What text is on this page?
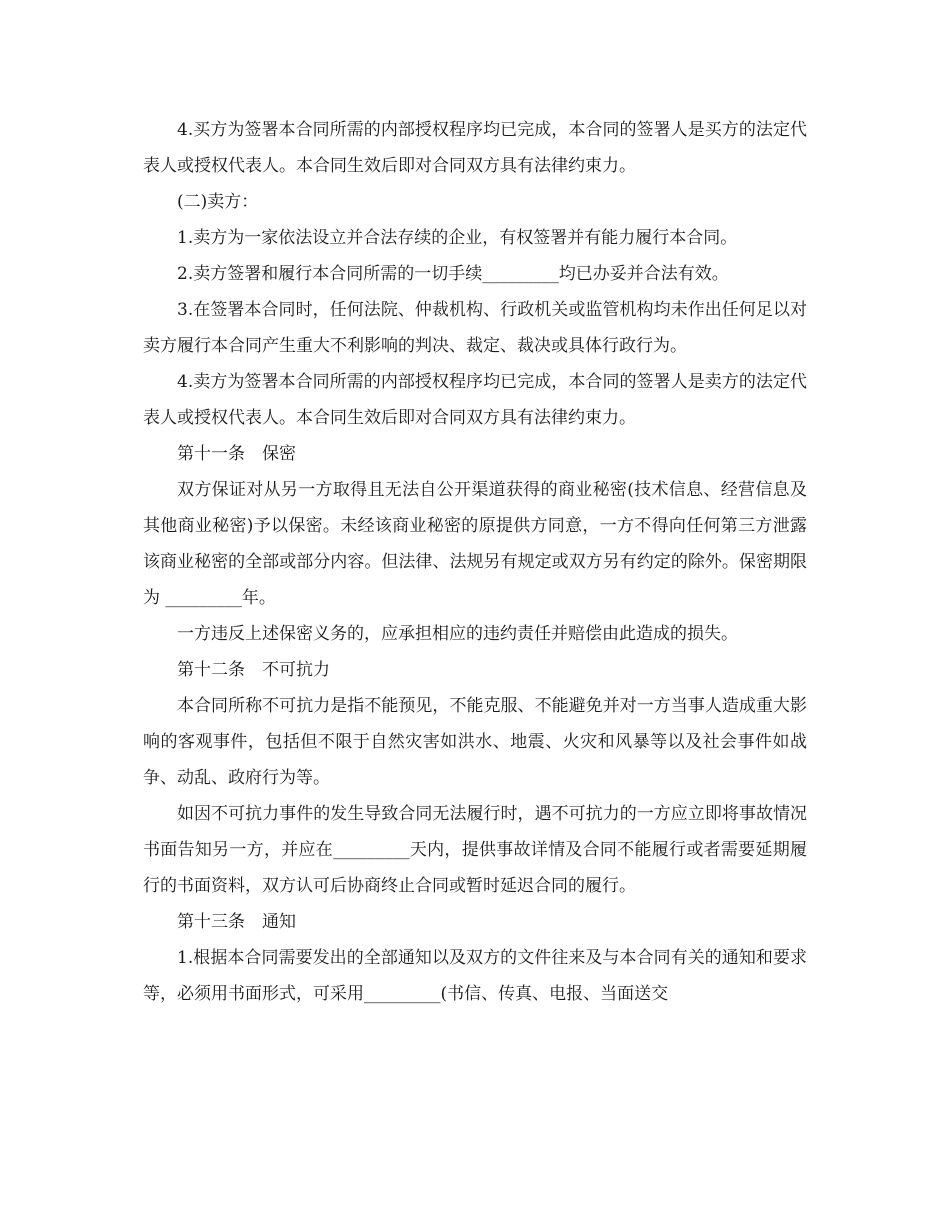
4.买方为签署本合同所需的内部授权程序均已完成，本合同的签署人是买方的法定代表人或授权代表人。本合同生效后即对合同双方具有法律约束力。

(二)卖方：

1.卖方为一家依法设立并合法存续的企业，有权签署并有能力履行本合同。

2.卖方签署和履行本合同所需的一切手续_________均已办妥并合法有效。

3.在签署本合同时，任何法院、仲裁机构、行政机关或监管机构均未作出任何足以对卖方履行本合同产生重大不利影响的判决、裁定、裁决或具体行政行为。

4.卖方为签署本合同所需的内部授权程序均已完成，本合同的签署人是卖方的法定代表人或授权代表人。本合同生效后即对合同双方具有法律约束力。

第十一条　保密

双方保证对从另一方取得且无法自公开渠道获得的商业秘密(技术信息、经营信息及其他商业秘密)予以保密。未经该商业秘密的原提供方同意，一方不得向任何第三方泄露该商业秘密的全部或部分内容。但法律、法规另有规定或双方另有约定的除外。保密期限为 _________年。

一方违反上述保密义务的，应承担相应的违约责任并赔偿由此造成的损失。

第十二条　不可抗力

本合同所称不可抗力是指不能预见，不能克服、不能避免并对一方当事人造成重大影响的客观事件，包括但不限于自然灾害如洪水、地震、火灾和风暴等以及社会事件如战争、动乱、政府行为等。

如因不可抗力事件的发生导致合同无法履行时，遇不可抗力的一方应立即将事故情况书面告知另一方，并应在_________天内，提供事故详情及合同不能履行或者需要延期履行的书面资料，双方认可后协商终止合同或暂时延迟合同的履行。

第十三条　通知

1.根据本合同需要发出的全部通知以及双方的文件往来及与本合同有关的通知和要求等，必须用书面形式，可采用_________(书信、传真、电报、当面送交
